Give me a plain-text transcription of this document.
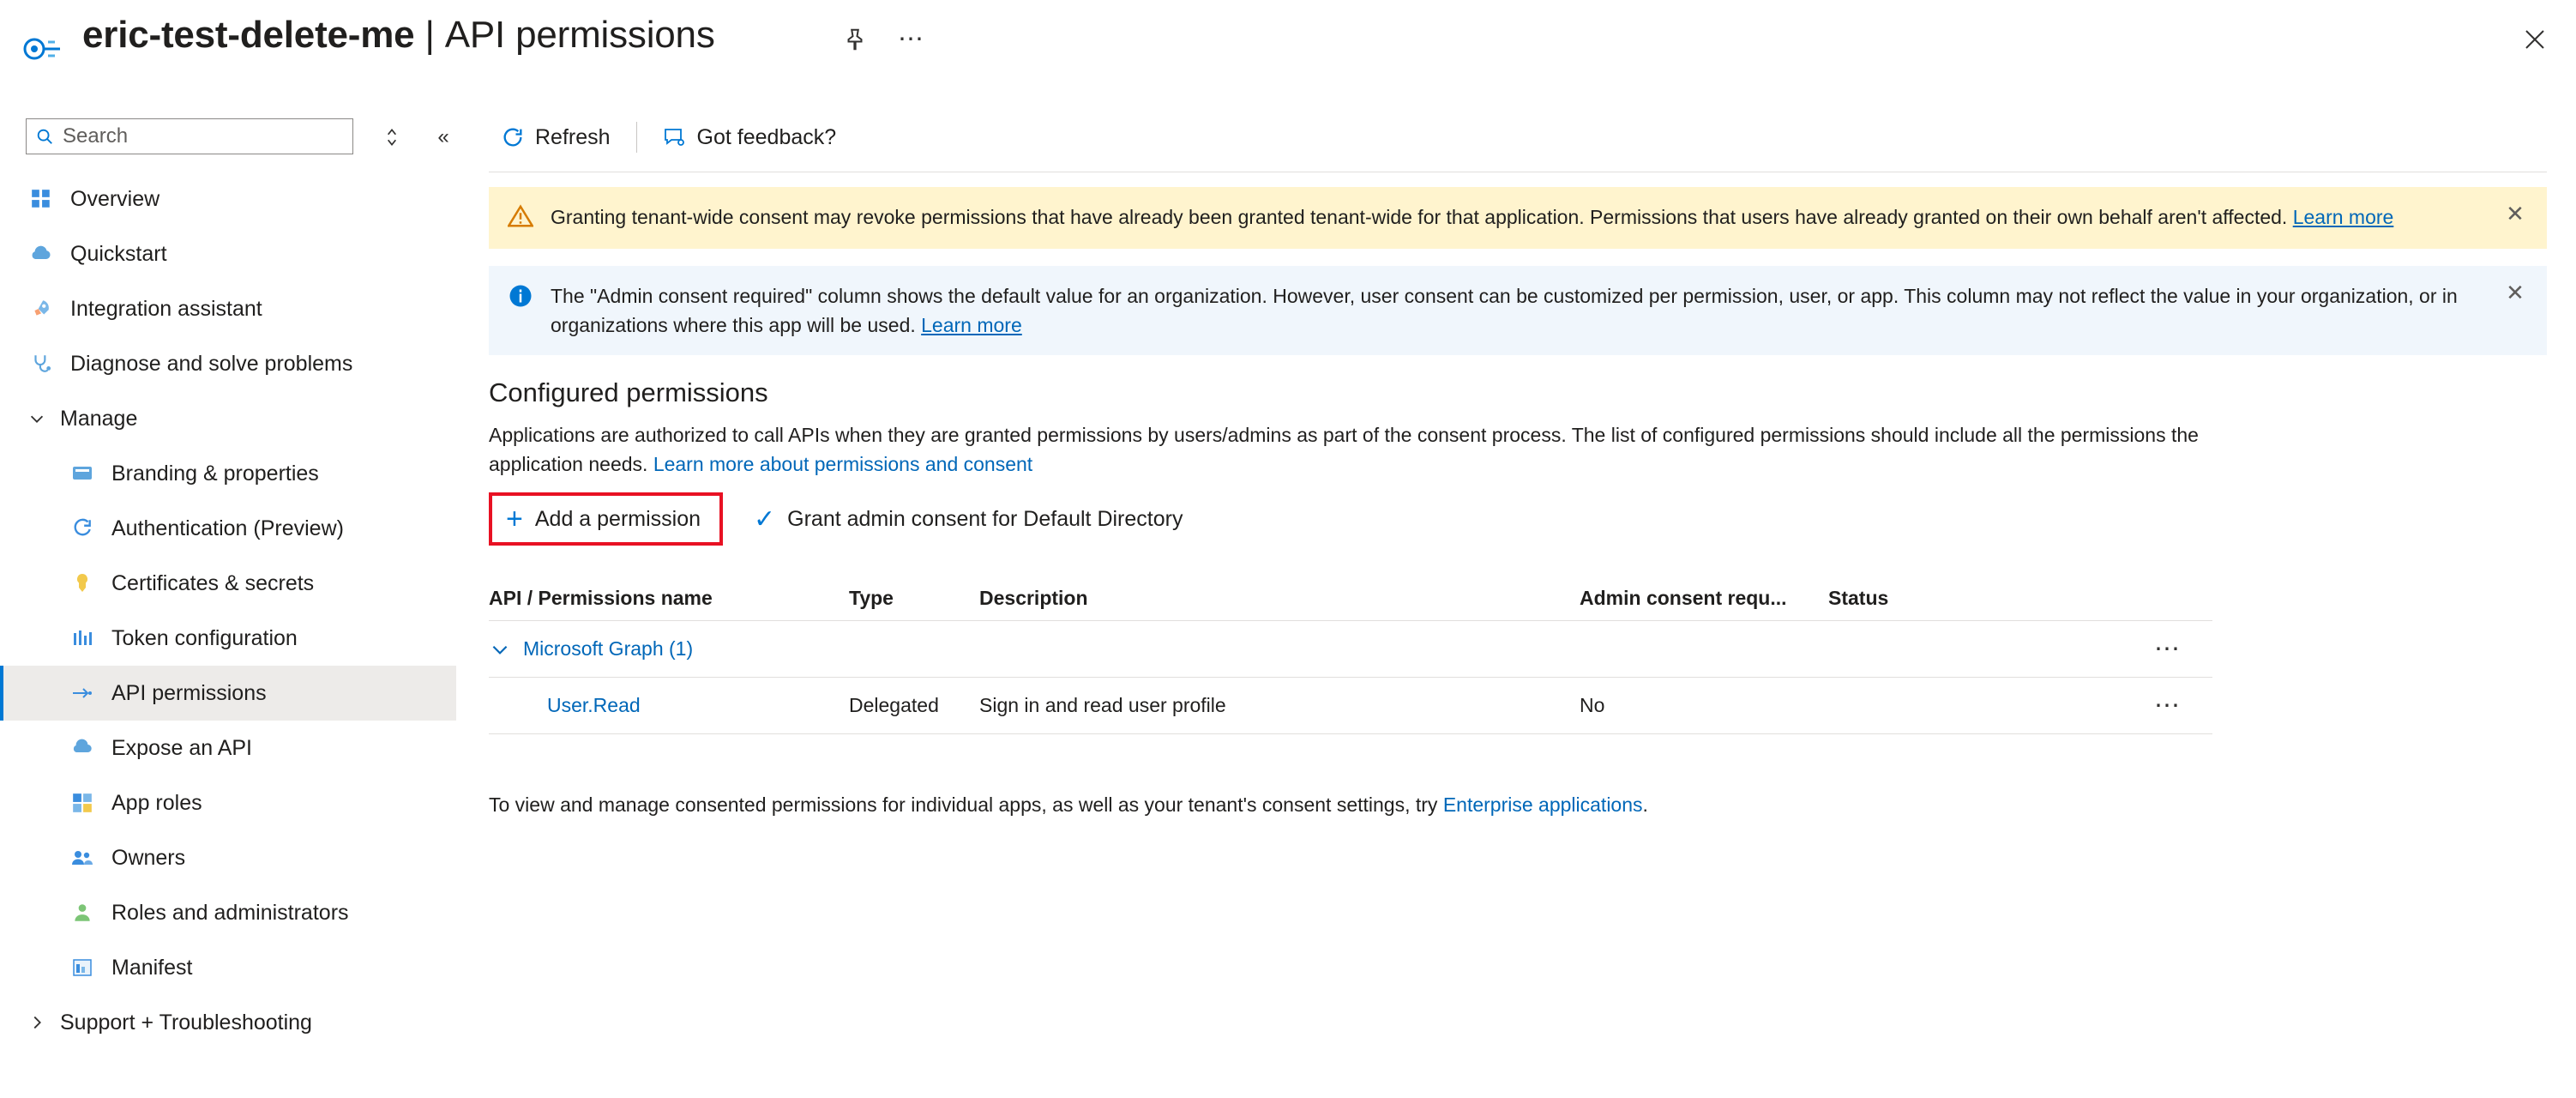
eric-test-delete-me | API permissions	⋯
Search
«
Overview
Quickstart
Integration assistant
Diagnose and solve problems
Manage
Branding & properties
Authentication (Preview)
Certificates & secrets
Token configuration
API permissions
Expose an API
App roles
Owners
Roles and administrators
Manifest
Support + Troubleshooting
Refresh	Got feedback?
Granting tenant-wide consent may revoke permissions that have already been granted tenant-wide for that application. Permissions that users have already granted on their own behalf aren't affected. Learn more	✕
The "Admin consent required" column shows the default value for an organization. However, user consent can be customized per permission, user, or app. This column may not reflect the value in your organization, or in organizations where this app will be used. Learn more
✕
Configured permissions
Applications are authorized to call APIs when they are granted permissions by users/admins as part of the consent process. The list of configured permissions should include all the permissions the application needs. Learn more about permissions and consent
+ Add a permission ✓ Grant admin consent for Default Directory
API / Permissions name	Type	Description	Admin consent requ...	Status
Microsoft Graph (1)	⋯
User.Read	Delegated	Sign in and read user profile	No	⋯
To view and manage consented permissions for individual apps, as well as your tenant's consent settings, try Enterprise applications.
